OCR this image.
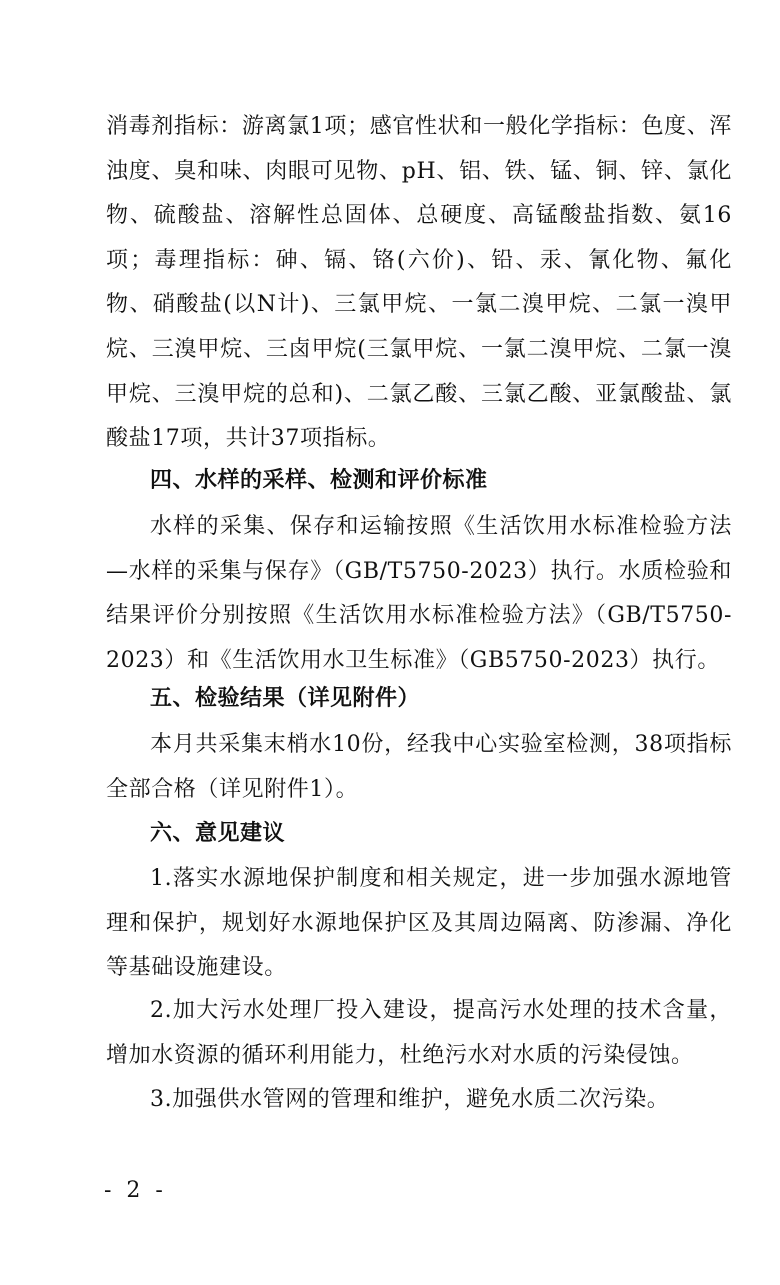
消毒剂指标：游离氯1项；感官性状和一般化学指标：色度、浑浊度、臭和味、肉眼可见物、pH、铝、铁、锰、铜、锌、氯化物、硫酸盐、溶解性总固体、总硬度、高锰酸盐指数、氨16项；毒理指标：砷、镉、铬(六价)、铅、汞、氰化物、氟化物、硝酸盐(以N计)、三氯甲烷、一氯二溴甲烷、二氯一溴甲烷、三溴甲烷、三卤甲烷(三氯甲烷、一氯二溴甲烷、二氯一溴甲烷、三溴甲烷的总和)、二氯乙酸、三氯乙酸、亚氯酸盐、氯酸盐17项，共计37项指标。

四、水样的采样、检测和评价标准

水样的采集、保存和运输按照《生活饮用水标准检验方法—水样的采集与保存》（GB/T5750-2023）执行。水质检验和结果评价分别按照《生活饮用水标准检验方法》（GB/T5750-2023）和《生活饮用水卫生标准》（GB5750-2023）执行。

五、检验结果（详见附件）

本月共采集末梢水10份，经我中心实验室检测，38项指标全部合格（详见附件1）。

六、意见建议

1.落实水源地保护制度和相关规定，进一步加强水源地管理和保护，规划好水源地保护区及其周边隔离、防渗漏、净化等基础设施建设。

2.加大污水处理厂投入建设，提高污水处理的技术含量，增加水资源的循环利用能力，杜绝污水对水质的污染侵蚀。

3.加强供水管网的管理和维护，避免水质二次污染。

- 2 -
